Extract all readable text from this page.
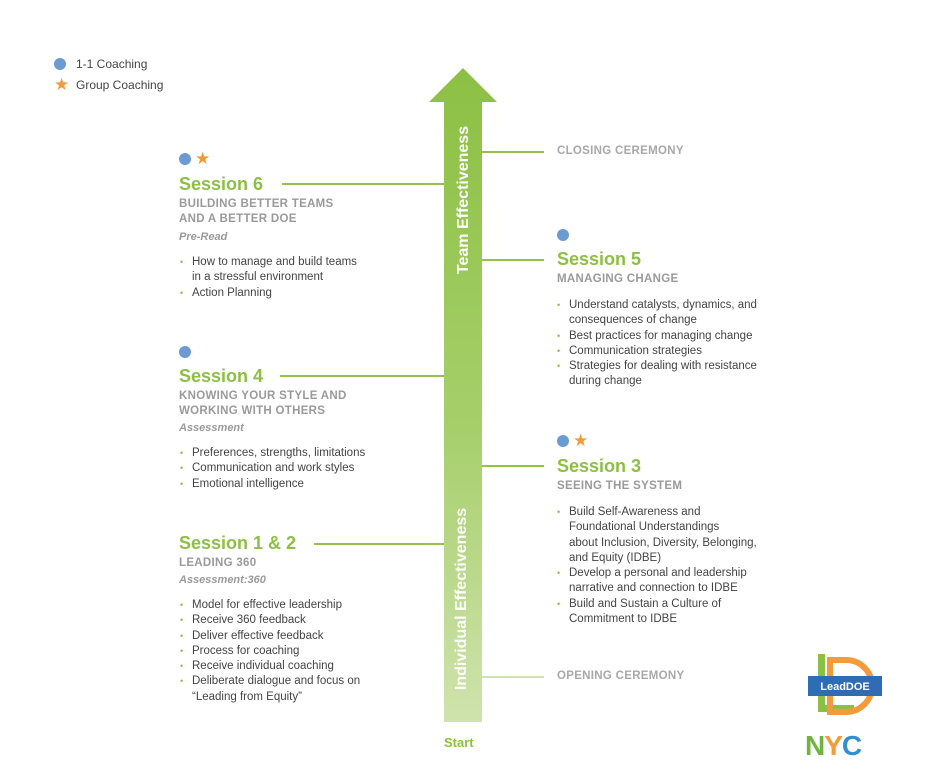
1-1 Coaching
★ Group Coaching
Team Effectiveness
Individual Effectiveness
Start
CLOSING CEREMONY
OPENING CEREMONY
★
Session 6
BUILDING BETTER TEAMS
AND A BETTER DOE
Pre-Read
• How to manage and build teams
in a stressful environment
• Action Planning
Session 4
KNOWING YOUR STYLE AND
WORKING WITH OTHERS
Assessment
• Preferences, strengths, limitations
• Communication and work styles
• Emotional intelligence
Session 1 & 2
LEADING 360
Assessment:360
• Model for effective leadership
• Receive 360 feedback
• Deliver effective feedback
• Process for coaching
• Receive individual coaching
• Deliberate dialogue and focus on
“Leading from Equity”
Session 5
MANAGING CHANGE
• Understand catalysts, dynamics, and
consequences of change
• Best practices for managing change
• Communication strategies
• Strategies for dealing with resistance
during change
★
Session 3
SEEING THE SYSTEM
• Build Self-Awareness and
Foundational Understandings
about Inclusion, Diversity, Belonging,
and Equity (IDBE)
• Develop a personal and leadership
narrative and connection to IDBE
• Build and Sustain a Culture of
Commitment to IDBE
LeadDOE
NYC
